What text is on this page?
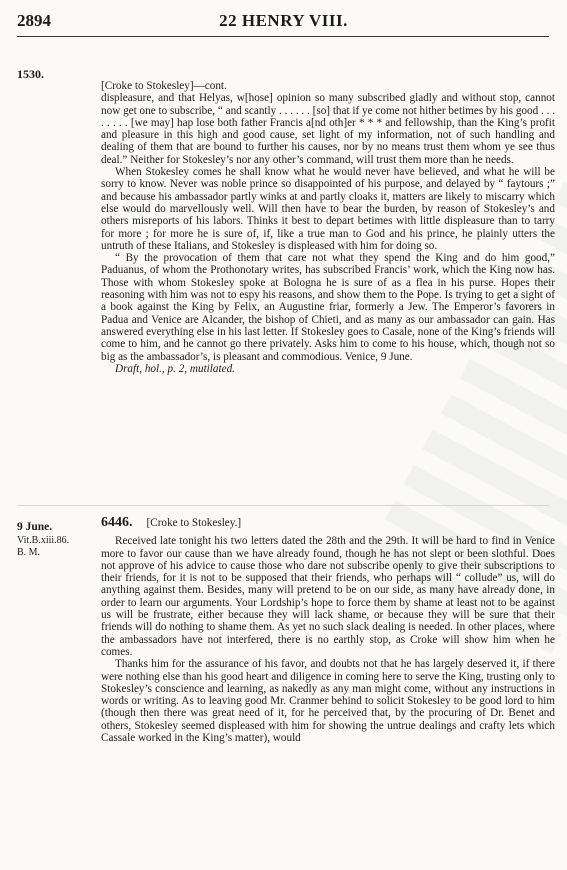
2894	22 HENRY VIII.
1530.

[Croke to Stokesley]—cont.

displeasure, and that Helyas, w[hose] opinion so many subscribed gladly and without stop, cannot now get one to subscribe, “ and scantly . . . . . . [so] that if ye come not hither betimes by his good . . . . . . . . [we may] hap lose both father Francis a[nd oth]er * * * and fellowship, than the King’s profit and pleasure in this high and good cause, set light of my information, not of such handling and dealing of them that are bound to further his causes, nor by no means trust them whom ye see thus deal.” Neither for Stokesley’s nor any other’s command, will trust them more than he needs.

When Stokesley comes he shall know what he would never have believed, and what he will be sorry to know. Never was noble prince so disappointed of his purpose, and delayed by “ faytours ;” and because his ambassador partly winks at and partly cloaks it, matters are likely to miscarry which else would do marvellously well. Will then have to bear the burden, by reason of Stokesley’s and others misreports of his labors. Thinks it best to depart betimes with little displeasure than to tarry for more ; for more he is sure of, if, like a true man to God and his prince, he plainly utters the untruth of these Italians, and Stokesley is displeased with him for doing so.

“ By the provocation of them that care not what they spend the King and do him good,” Paduanus, of whom the Prothonotary writes, has subscribed Francis’ work, which the King now has. Those with whom Stokesley spoke at Bologna he is sure of as a flea in his purse. Hopes their reasoning with him was not to espy his reasons, and show them to the Pope. Is trying to get a sight of a book against the King by Felix, an Augustine friar, formerly a Jew. The Emperor’s favorers in Padua and Venice are Alcander, the bishop of Chieti, and as many as our ambassador can gain. Has answered everything else in his last letter. If Stokesley goes to Casale, none of the King’s friends will come to him, and he cannot go there privately. Asks him to come to his house, which, though not so big as the ambassador’s, is pleasant and commodious. Venice, 9 June.

Draft, hol., p. 2, mutilated.

9 June.
Vit.B.xiii.86.
B. M.

6446. [Croke to Stokesley.]

Received late tonight his two letters dated the 28th and the 29th. It will be hard to find in Venice more to favor our cause than we have already found, though he has not slept or been slothful. Does not approve of his advice to cause those who dare not subscribe openly to give their subscriptions to their friends, for it is not to be supposed that their friends, who perhaps will “ collude” us, will do anything against them. Besides, many will pretend to be on our side, as many have already done, in order to learn our arguments. Your Lordship’s hope to force them by shame at least not to be against us will be frustrate, either because they will lack shame, or because they will be sure that their friends will do nothing to shame them. As yet no such slack dealing is needed. In other places, where the ambassadors have not interfered, there is no earthly stop, as Croke will show him when he comes.

Thanks him for the assurance of his favor, and doubts not that he has largely deserved it, if there were nothing else than his good heart and diligence in coming here to serve the King, trusting only to Stokesley’s conscience and learning, as nakedly as any man might come, without any instructions in words or writing. As to leaving good Mr. Cranmer behind to solicit Stokesley to be good lord to him (though then there was great need of it, for he perceived that, by the procuring of Dr. Benet and others, Stokesley seemed displeased with him for showing the untrue dealings and crafty lets which Cassale worked in the King’s matter), would
